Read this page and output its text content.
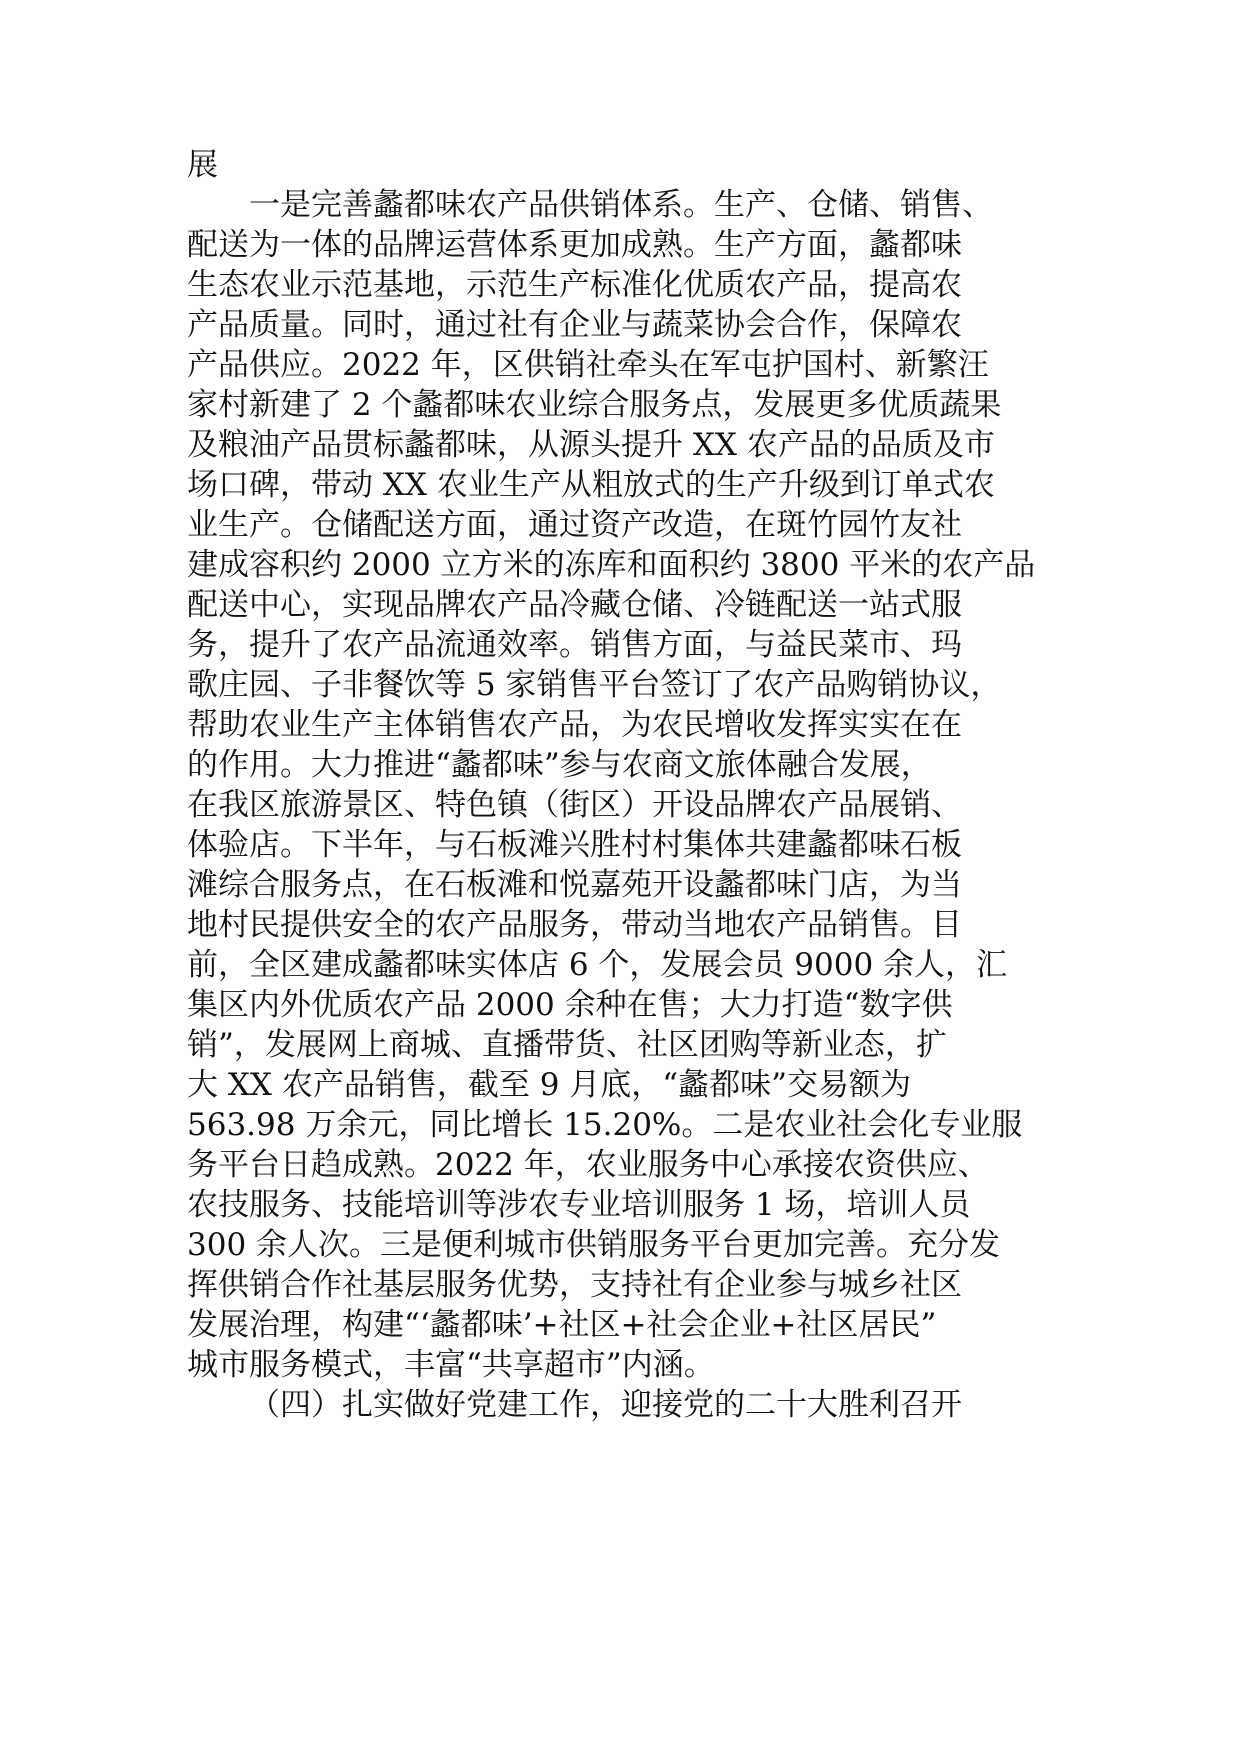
展
一是完善蠡都味农产品供销体系。生产、仓储、销售、
配送为一体的品牌运营体系更加成熟。生产方面，蠡都味
生态农业示范基地，示范生产标准化优质农产品，提高农
产品质量。同时，通过社有企业与蔬菜协会合作，保障农
产品供应。2022 年，区供销社牵头在军屯护国村、新繁汪
家村新建了 2 个蠡都味农业综合服务点，发展更多优质蔬果
及粮油产品贯标蠡都味，从源头提升 XX 农产品的品质及市
场口碑，带动 XX 农业生产从粗放式的生产升级到订单式农
业生产。仓储配送方面，通过资产改造，在斑竹园竹友社
建成容积约 2000 立方米的冻库和面积约 3800 平米的农产品
配送中心，实现品牌农产品冷藏仓储、冷链配送一站式服
务，提升了农产品流通效率。销售方面，与益民菜市、玛
歌庄园、子非餐饮等 5 家销售平台签订了农产品购销协议，
帮助农业生产主体销售农产品，为农民增收发挥实实在在
的作用。大力推进“蠡都味”参与农商文旅体融合发展，
在我区旅游景区、特色镇（街区）开设品牌农产品展销、
体验店。下半年，与石板滩兴胜村村集体共建蠡都味石板
滩综合服务点，在石板滩和悦嘉苑开设蠡都味门店，为当
地村民提供安全的农产品服务，带动当地农产品销售。目
前，全区建成蠡都味实体店 6 个，发展会员 9000 余人，汇
集区内外优质农产品 2000 余种在售；大力打造“数字供
销”，发展网上商城、直播带货、社区团购等新业态，扩
大 XX 农产品销售，截至 9 月底，“蠡都味”交易额为
563.98 万余元，同比增长 15.20%。二是农业社会化专业服
务平台日趋成熟。2022 年，农业服务中心承接农资供应、
农技服务、技能培训等涉农专业培训服务 1 场，培训人员
300 余人次。三是便利城市供销服务平台更加完善。充分发
挥供销合作社基层服务优势，支持社有企业参与城乡社区
发展治理，构建“‘蠡都味’+社区+社会企业+社区居民”
城市服务模式，丰富“共享超市”内涵。
（四）扎实做好党建工作，迎接党的二十大胜利召开
